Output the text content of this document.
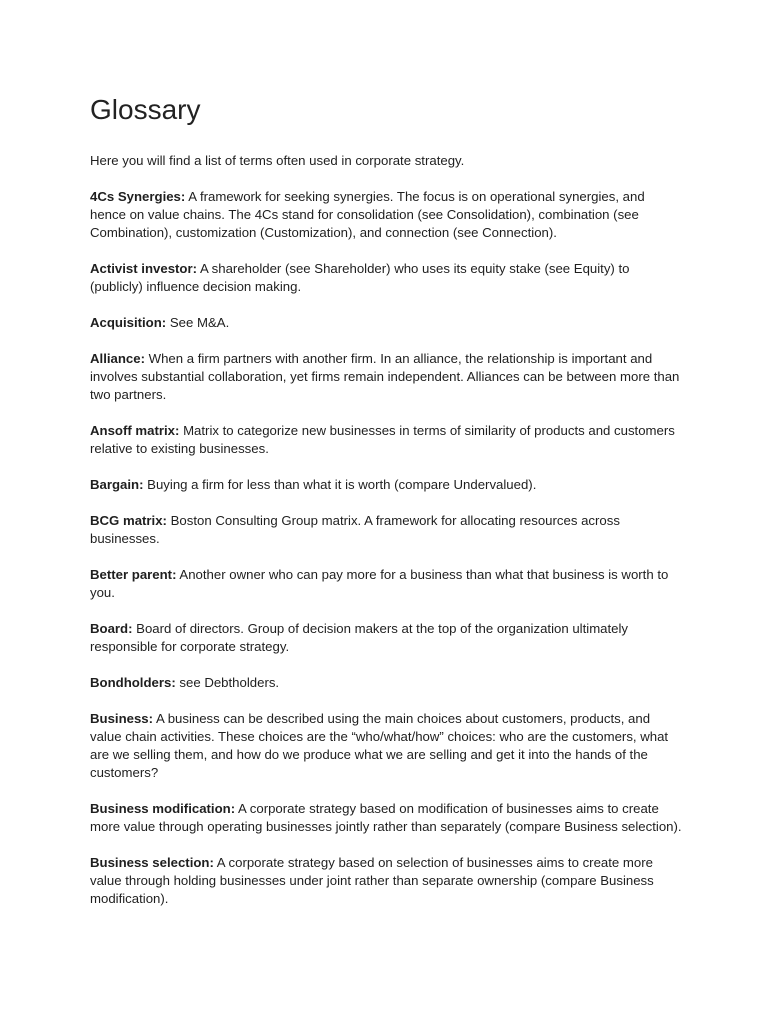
Glossary

Here you will find a list of terms often used in corporate strategy.

4Cs Synergies: A framework for seeking synergies. The focus is on operational synergies, and hence on value chains. The 4Cs stand for consolidation (see Consolidation), combination (see Combination), customization (Customization), and connection (see Connection).

Activist investor: A shareholder (see Shareholder) who uses its equity stake (see Equity) to (publicly) influence decision making.

Acquisition: See M&A.

Alliance: When a firm partners with another firm. In an alliance, the relationship is important and involves substantial collaboration, yet firms remain independent. Alliances can be between more than two partners.

Ansoff matrix: Matrix to categorize new businesses in terms of similarity of products and customers relative to existing businesses.

Bargain: Buying a firm for less than what it is worth (compare Undervalued).

BCG matrix: Boston Consulting Group matrix. A framework for allocating resources across businesses.

Better parent: Another owner who can pay more for a business than what that business is worth to you.

Board: Board of directors. Group of decision makers at the top of the organization ultimately responsible for corporate strategy.

Bondholders: see Debtholders.

Business: A business can be described using the main choices about customers, products, and value chain activities. These choices are the “who/what/how” choices: who are the customers, what are we selling them, and how do we produce what we are selling and get it into the hands of the customers?

Business modification: A corporate strategy based on modification of businesses aims to create more value through operating businesses jointly rather than separately (compare Business selection).

Business selection: A corporate strategy based on selection of businesses aims to create more value through holding businesses under joint rather than separate ownership (compare Business modification).
